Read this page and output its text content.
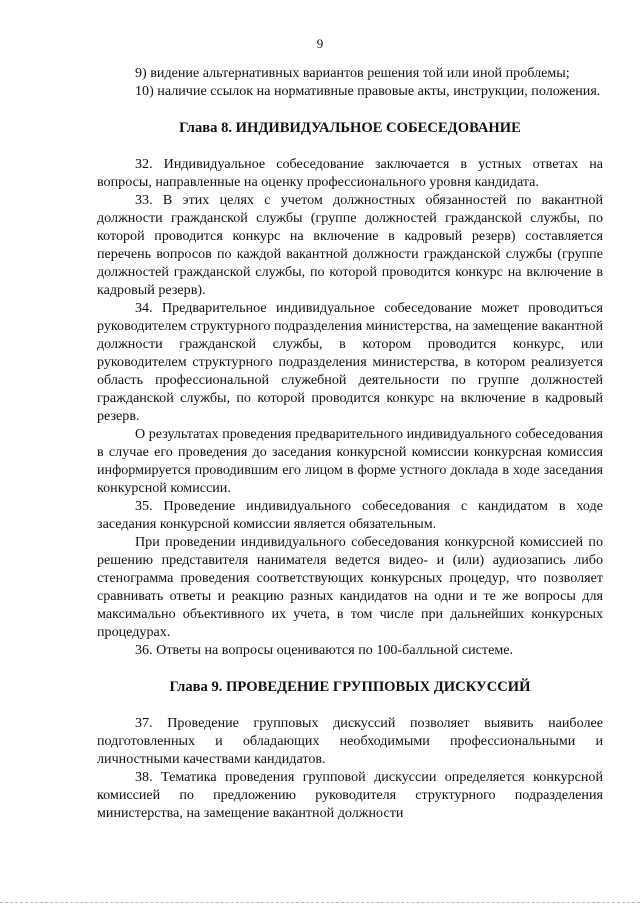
9

9) видение альтернативных вариантов решения той или иной проблемы;

10) наличие ссылок на нормативные правовые акты, инструкции, положения.

Глава 8. ИНДИВИДУАЛЬНОЕ СОБЕСЕДОВАНИЕ

32. Индивидуальное собеседование заключается в устных ответах на вопросы, направленные на оценку профессионального уровня кандидата.

33. В этих целях с учетом должностных обязанностей по вакантной должности гражданской службы (группе должностей гражданской службы, по которой проводится конкурс на включение в кадровый резерв) составляется перечень вопросов по каждой вакантной должности гражданской службы (группе должностей гражданской службы, по которой проводится конкурс на включение в кадровый резерв).

34. Предварительное индивидуальное собеседование может проводиться руководителем структурного подразделения министерства, на замещение вакантной должности гражданской службы, в котором проводится конкурс, или руководителем структурного подразделения министерства, в котором реализуется область профессиональной служебной деятельности по группе должностей гражданской службы, по которой проводится конкурс на включение в кадровый резерв.

О результатах проведения предварительного индивидуального собеседования в случае его проведения до заседания конкурсной комиссии конкурсная комиссия информируется проводившим его лицом в форме устного доклада в ходе заседания конкурсной комиссии.

35. Проведение индивидуального собеседования с кандидатом в ходе заседания конкурсной комиссии является обязательным.

При проведении индивидуального собеседования конкурсной комиссией по решению представителя нанимателя ведется видео- и (или) аудиозапись либо стенограмма проведения соответствующих конкурсных процедур, что позволяет сравнивать ответы и реакцию разных кандидатов на одни и те же вопросы для максимально объективного их учета, в том числе при дальнейших конкурсных процедурах.

36. Ответы на вопросы оцениваются по 100-балльной системе.

Глава 9. ПРОВЕДЕНИЕ ГРУППОВЫХ ДИСКУССИЙ

37. Проведение групповых дискуссий позволяет выявить наиболее подготовленных и обладающих необходимыми профессиональными и личностными качествами кандидатов.

38. Тематика проведения групповой дискуссии определяется конкурсной комиссией по предложению руководителя структурного подразделения министерства, на замещение вакантной должности
